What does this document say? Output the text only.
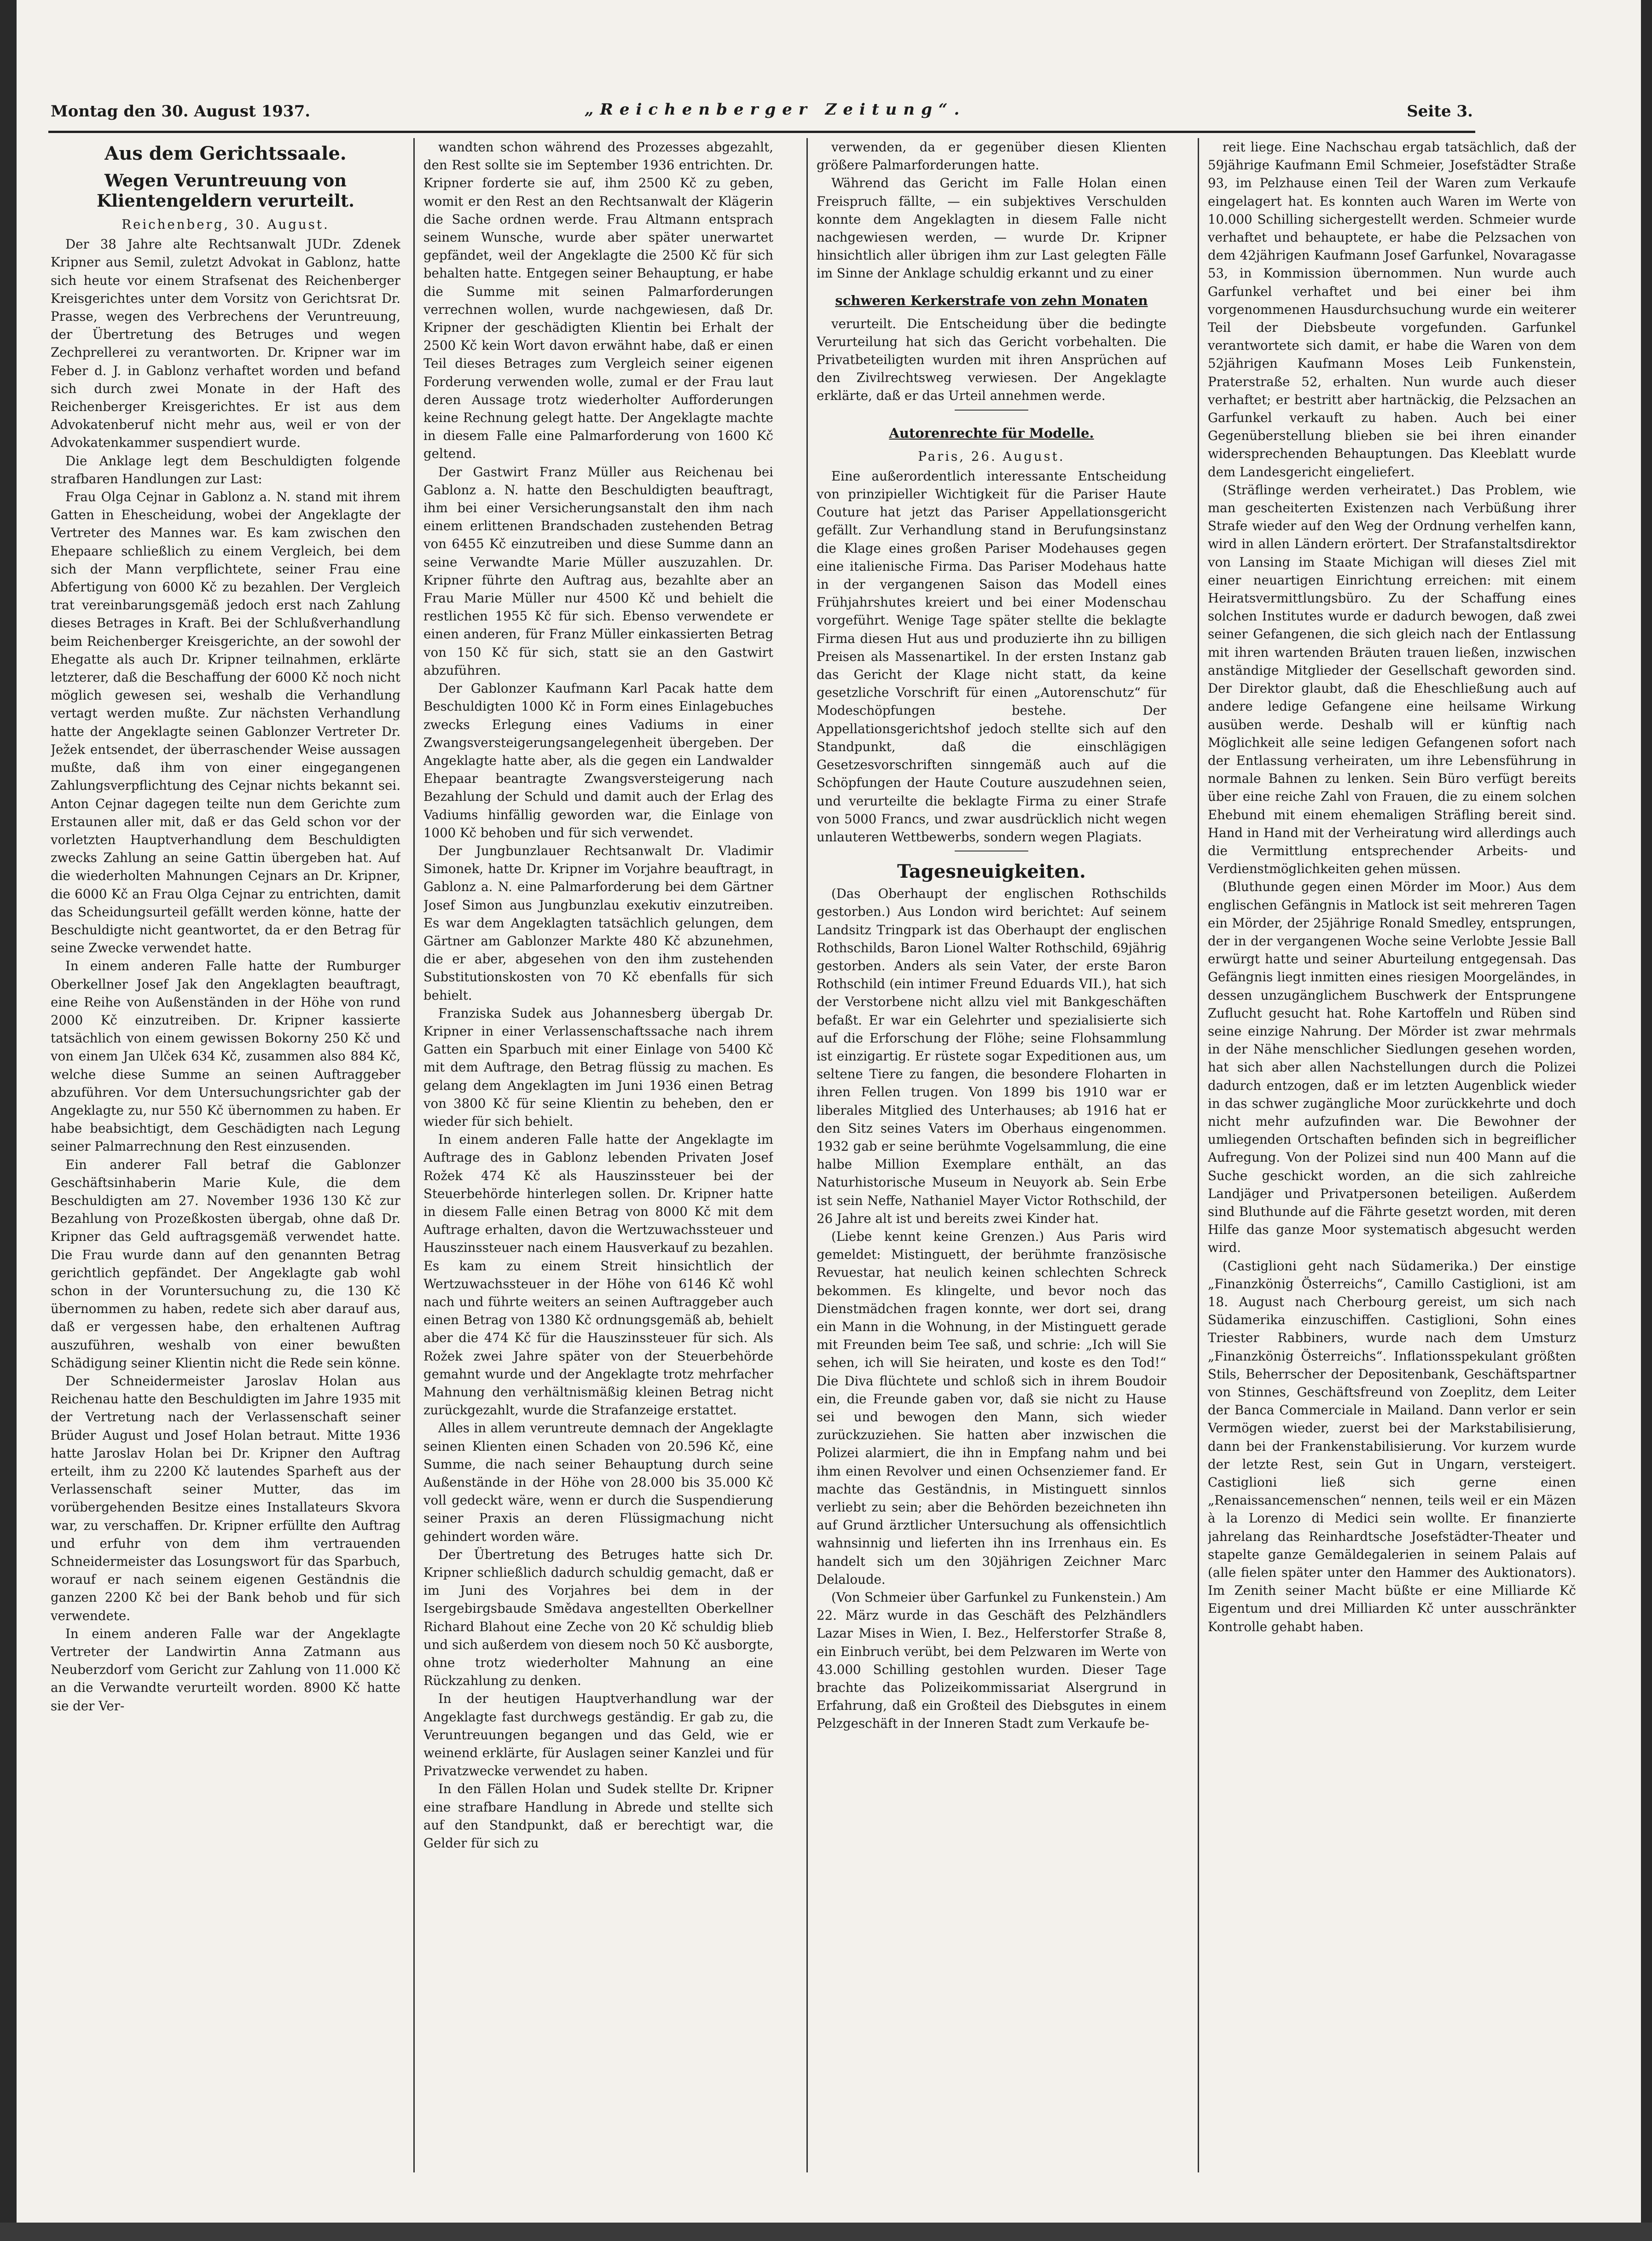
Montag den 30. August 1937.	„Reichenberger Zeitung“.	Seite 3.
Aus dem Gerichtssaale.
Wegen Veruntreuung von Klientengeldern verurteilt.
Reichenberg, 30. August.

Der 38 Jahre alte Rechtsanwalt JUDr. Zdenek Kripner aus Semil, zuletzt Advokat in Gablonz, hatte sich heute vor einem Strafsenat des Reichenberger Kreisgerichtes unter dem Vorsitz von Gerichtsrat Dr. Prasse, wegen des Verbrechens der Veruntreuung, der Übertretung des Betruges und wegen Zechprellerei zu verantworten. Dr. Kripner war im Feber d. J. in Gablonz verhaftet worden und befand sich durch zwei Monate in der Haft des Reichenberger Kreisgerichtes. Er ist aus dem Advokatenberuf nicht mehr aus, weil er von der Advokatenkammer suspendiert wurde.

Die Anklage legt dem Beschuldigten folgende strafbaren Handlungen zur Last:

Frau Olga Cejnar in Gablonz a. N. stand mit ihrem Gatten in Ehescheidung, wobei der Angeklagte der Vertreter des Mannes war. Es kam zwischen den Ehepaare schließlich zu einem Vergleich, bei dem sich der Mann verpflichtete, seiner Frau eine Abfertigung von 6000 Kč zu bezahlen. Der Vergleich trat vereinbarungsgemäß jedoch erst nach Zahlung dieses Betrages in Kraft. Bei der Schlußverhandlung beim Reichenberger Kreisgerichte, an der sowohl der Ehegatte als auch Dr. Kripner teilnahmen, erklärte letzterer, daß die Beschaffung der 6000 Kč noch nicht möglich gewesen sei, weshalb die Verhandlung vertagt werden mußte. Zur nächsten Verhandlung hatte der Angeklagte seinen Gablonzer Vertreter Dr. Ježek entsendet, der überraschender Weise aussagen mußte, daß ihm von einer eingegangenen Zahlungsverpflichtung des Cejnar nichts bekannt sei. Anton Cejnar dagegen teilte nun dem Gerichte zum Erstaunen aller mit, daß er das Geld schon vor der vorletzten Hauptverhandlung dem Beschuldigten zwecks Zahlung an seine Gattin übergeben hat. Auf die wiederholten Mahnungen Cejnars an Dr. Kripner, die 6000 Kč an Frau Olga Cejnar zu entrichten, damit das Scheidungsurteil gefällt werden könne, hatte der Beschuldigte nicht geantwortet, da er den Betrag für seine Zwecke verwendet hatte.

In einem anderen Falle hatte der Rumburger Oberkellner Josef Jak den Angeklagten beauftragt, eine Reihe von Außenständen in der Höhe von rund 2000 Kč einzutreiben. Dr. Kripner kassierte tatsächlich von einem gewissen Bokorny 250 Kč und von einem Jan Ulček 634 Kč, zusammen also 884 Kč, welche diese Summe an seinen Auftraggeber abzuführen. Vor dem Untersuchungsrichter gab der Angeklagte zu, nur 550 Kč übernommen zu haben. Er habe beabsichtigt, dem Geschädigten nach Legung seiner Palmarrechnung den Rest einzusenden.

Ein anderer Fall betraf die Gablonzer Geschäftsinhaberin Marie Kule, die dem Beschuldigten am 27. November 1936 130 Kč zur Bezahlung von Prozeßkosten übergab, ohne daß Dr. Kripner das Geld auftragsgemäß verwendet hatte. Die Frau wurde dann auf den genannten Betrag gerichtlich gepfändet. Der Angeklagte gab wohl schon in der Voruntersuchung zu, die 130 Kč übernommen zu haben, redete sich aber darauf aus, daß er vergessen habe, den erhaltenen Auftrag auszuführen, weshalb von einer bewußten Schädigung seiner Klientin nicht die Rede sein könne.

Der Schneidermeister Jaroslav Holan aus Reichenau hatte den Beschuldigten im Jahre 1935 mit der Vertretung nach der Verlassenschaft seiner Brüder August und Josef Holan betraut. Mitte 1936 hatte Jaroslav Holan bei Dr. Kripner den Auftrag erteilt, ihm zu 2200 Kč lautendes Sparheft aus der Verlassenschaft seiner Mutter, das im vorübergehenden Besitze eines Installateurs Skvora war, zu verschaffen. Dr. Kripner erfüllte den Auftrag und erfuhr von dem ihm vertrauenden Schneidermeister das Losungswort für das Sparbuch, worauf er nach seinem eigenen Geständnis die ganzen 2200 Kč bei der Bank behob und für sich verwendete.

In einem anderen Falle war der Angeklagte Vertreter der Landwirtin Anna Zatmann aus Neuberzdorf vom Gericht zur Zahlung von 11.000 Kč an die Verwandte verurteilt worden. 8900 Kč hatte sie der Ver-

wandten schon während des Prozesses abgezahlt, den Rest sollte sie im September 1936 entrichten. Dr. Kripner forderte sie auf, ihm 2500 Kč zu geben, womit er den Rest an den Rechtsanwalt der Klägerin die Sache ordnen werde. Frau Altmann entsprach seinem Wunsche, wurde aber später unerwartet gepfändet, weil der Angeklagte die 2500 Kč für sich behalten hatte. Entgegen seiner Behauptung, er habe die Summe mit seinen Palmarforderungen verrechnen wollen, wurde nachgewiesen, daß Dr. Kripner der geschädigten Klientin bei Erhalt der 2500 Kč kein Wort davon erwähnt habe, daß er einen Teil dieses Betrages zum Vergleich seiner eigenen Forderung verwenden wolle, zumal er der Frau laut deren Aussage trotz wiederholter Aufforderungen keine Rechnung gelegt hatte. Der Angeklagte machte in diesem Falle eine Palmarforderung von 1600 Kč geltend.

Der Gastwirt Franz Müller aus Reichenau bei Gablonz a. N. hatte den Beschuldigten beauftragt, ihm bei einer Versicherungsanstalt den ihm nach einem erlittenen Brandschaden zustehenden Betrag von 6455 Kč einzutreiben und diese Summe dann an seine Verwandte Marie Müller auszuzahlen. Dr. Kripner führte den Auftrag aus, bezahlte aber an Frau Marie Müller nur 4500 Kč und behielt die restlichen 1955 Kč für sich. Ebenso verwendete er einen anderen, für Franz Müller einkassierten Betrag von 150 Kč für sich, statt sie an den Gastwirt abzuführen.

Der Gablonzer Kaufmann Karl Pacak hatte dem Beschuldigten 1000 Kč in Form eines Einlagebuches zwecks Erlegung eines Vadiums in einer Zwangsversteigerungsangelegenheit übergeben. Der Angeklagte hatte aber, als die gegen ein Landwalder Ehepaar beantragte Zwangsversteigerung nach Bezahlung der Schuld und damit auch der Erlag des Vadiums hinfällig geworden war, die Einlage von 1000 Kč behoben und für sich verwendet.

Der Jungbunzlauer Rechtsanwalt Dr. Vladimir Simonek, hatte Dr. Kripner im Vorjahre beauftragt, in Gablonz a. N. eine Palmarforderung bei dem Gärtner Josef Simon aus Jungbunzlau exekutiv einzutreiben. Es war dem Angeklagten tatsächlich gelungen, dem Gärtner am Gablonzer Markte 480 Kč abzunehmen, die er aber, abgesehen von den ihm zustehenden Substitutionskosten von 70 Kč ebenfalls für sich behielt.

Franziska Sudek aus Johannesberg übergab Dr. Kripner in einer Verlassenschaftssache nach ihrem Gatten ein Sparbuch mit einer Einlage von 5400 Kč mit dem Auftrage, den Betrag flüssig zu machen. Es gelang dem Angeklagten im Juni 1936 einen Betrag von 3800 Kč für seine Klientin zu beheben, den er wieder für sich behielt.

In einem anderen Falle hatte der Angeklagte im Auftrage des in Gablonz lebenden Privaten Josef Rožek 474 Kč als Hauszinssteuer bei der Steuerbehörde hinterlegen sollen. Dr. Kripner hatte in diesem Falle einen Betrag von 8000 Kč mit dem Auftrage erhalten, davon die Wertzuwachssteuer und Hauszinssteuer nach einem Hausverkauf zu bezahlen. Es kam zu einem Streit hinsichtlich der Wertzuwachssteuer in der Höhe von 6146 Kč wohl nach und führte weiters an seinen Auftraggeber auch einen Betrag von 1380 Kč ordnungsgemäß ab, behielt aber die 474 Kč für die Hauszinssteuer für sich. Als Rožek zwei Jahre später von der Steuerbehörde gemahnt wurde und der Angeklagte trotz mehrfacher Mahnung den verhältnismäßig kleinen Betrag nicht zurückgezahlt, wurde die Strafanzeige erstattet.

Alles in allem veruntreute demnach der Angeklagte seinen Klienten einen Schaden von 20.596 Kč, eine Summe, die nach seiner Behauptung durch seine Außenstände in der Höhe von 28.000 bis 35.000 Kč voll gedeckt wäre, wenn er durch die Suspendierung seiner Praxis an deren Flüssigmachung nicht gehindert worden wäre.

Der Übertretung des Betruges hatte sich Dr. Kripner schließlich dadurch schuldig gemacht, daß er im Juni des Vorjahres bei dem in der Isergebirgsbaude Smědava angestellten Oberkellner Richard Blahout eine Zeche von 20 Kč schuldig blieb und sich außerdem von diesem noch 50 Kč ausborgte, ohne trotz wiederholter Mahnung an eine Rückzahlung zu denken.

In der heutigen Hauptverhandlung war der Angeklagte fast durchwegs geständig. Er gab zu, die Veruntreuungen begangen und das Geld, wie er weinend erklärte, für Auslagen seiner Kanzlei und für Privatzwecke verwendet zu haben.

In den Fällen Holan und Sudek stellte Dr. Kripner eine strafbare Handlung in Abrede und stellte sich auf den Standpunkt, daß er berechtigt war, die Gelder für sich zu

verwenden, da er gegenüber diesen Klienten größere Palmarforderungen hatte.

Während das Gericht im Falle Holan einen Freispruch fällte, — ein subjektives Verschulden konnte dem Angeklagten in diesem Falle nicht nachgewiesen werden, — wurde Dr. Kripner hinsichtlich aller übrigen ihm zur Last gelegten Fälle im Sinne der Anklage schuldig erkannt und zu einer

schweren Kerkerstrafe von zehn Monaten

verurteilt. Die Entscheidung über die bedingte Verurteilung hat sich das Gericht vorbehalten. Die Privatbeteiligten wurden mit ihren Ansprüchen auf den Zivilrechtsweg verwiesen. Der Angeklagte erklärte, daß er das Urteil annehmen werde.

Autorenrechte für Modelle.
Paris, 26. August.

Eine außerordentlich interessante Entscheidung von prinzipieller Wichtigkeit für die Pariser Haute Couture hat jetzt das Pariser Appellationsgericht gefällt. Zur Verhandlung stand in Berufungsinstanz die Klage eines großen Pariser Modehauses gegen eine italienische Firma. Das Pariser Modehaus hatte in der vergangenen Saison das Modell eines Frühjahrshutes kreiert und bei einer Modenschau vorgeführt. Wenige Tage später stellte die beklagte Firma diesen Hut aus und produzierte ihn zu billigen Preisen als Massenartikel. In der ersten Instanz gab das Gericht der Klage nicht statt, da keine gesetzliche Vorschrift für einen „Autorenschutz“ für Modeschöpfungen bestehe. Der Appellationsgerichtshof jedoch stellte sich auf den Standpunkt, daß die einschlägigen Gesetzesvorschriften sinngemäß auch auf die Schöpfungen der Haute Couture auszudehnen seien, und verurteilte die beklagte Firma zu einer Strafe von 5000 Francs, und zwar ausdrücklich nicht wegen unlauteren Wettbewerbs, sondern wegen Plagiats.

Tagesneuigkeiten.

(Das Oberhaupt der englischen Rothschilds gestorben.) Aus London wird berichtet: Auf seinem Landsitz Tringpark ist das Oberhaupt der englischen Rothschilds, Baron Lionel Walter Rothschild, 69jährig gestorben. Anders als sein Vater, der erste Baron Rothschild (ein intimer Freund Eduards VII.), hat sich der Verstorbene nicht allzu viel mit Bankgeschäften befaßt. Er war ein Gelehrter und spezialisierte sich auf die Erforschung der Flöhe; seine Flohsammlung ist einzigartig. Er rüstete sogar Expeditionen aus, um seltene Tiere zu fangen, die besondere Floharten in ihren Fellen trugen. Von 1899 bis 1910 war er liberales Mitglied des Unterhauses; ab 1916 hat er den Sitz seines Vaters im Oberhaus eingenommen. 1932 gab er seine berühmte Vogelsammlung, die eine halbe Million Exemplare enthält, an das Naturhistorische Museum in Neuyork ab. Sein Erbe ist sein Neffe, Nathaniel Mayer Victor Rothschild, der 26 Jahre alt ist und bereits zwei Kinder hat.

(Liebe kennt keine Grenzen.) Aus Paris wird gemeldet: Mistinguett, der berühmte französische Revuestar, hat neulich keinen schlechten Schreck bekommen. Es klingelte, und bevor noch das Dienstmädchen fragen konnte, wer dort sei, drang ein Mann in die Wohnung, in der Mistinguett gerade mit Freunden beim Tee saß, und schrie: „Ich will Sie sehen, ich will Sie heiraten, und koste es den Tod!“ Die Diva flüchtete und schloß sich in ihrem Boudoir ein, die Freunde gaben vor, daß sie nicht zu Hause sei und bewogen den Mann, sich wieder zurückzuziehen. Sie hatten aber inzwischen die Polizei alarmiert, die ihn in Empfang nahm und bei ihm einen Revolver und einen Ochsenziemer fand. Er machte das Geständnis, in Mistinguett sinnlos verliebt zu sein; aber die Behörden bezeichneten ihn auf Grund ärztlicher Untersuchung als offensichtlich wahnsinnig und lieferten ihn ins Irrenhaus ein. Es handelt sich um den 30jährigen Zeichner Marc Delaloude.

(Von Schmeier über Garfunkel zu Funkenstein.) Am 22. März wurde in das Geschäft des Pelzhändlers Lazar Mises in Wien, I. Bez., Helferstorfer Straße 8, ein Einbruch verübt, bei dem Pelzwaren im Werte von 43.000 Schilling gestohlen wurden. Dieser Tage brachte das Polizeikommissariat Alsergrund in Erfahrung, daß ein Großteil des Diebsgutes in einem Pelzgeschäft in der Inneren Stadt zum Verkaufe be-

reit liege. Eine Nachschau ergab tatsächlich, daß der 59jährige Kaufmann Emil Schmeier, Josefstädter Straße 93, im Pelzhause einen Teil der Waren zum Verkaufe eingelagert hat. Es konnten auch Waren im Werte von 10.000 Schilling sichergestellt werden. Schmeier wurde verhaftet und behauptete, er habe die Pelzsachen von dem 42jährigen Kaufmann Josef Garfunkel, Novaragasse 53, in Kommission übernommen. Nun wurde auch Garfunkel verhaftet und bei einer bei ihm vorgenommenen Hausdurchsuchung wurde ein weiterer Teil der Diebsbeute vorgefunden. Garfunkel verantwortete sich damit, er habe die Waren von dem 52jährigen Kaufmann Moses Leib Funkenstein, Praterstraße 52, erhalten. Nun wurde auch dieser verhaftet; er bestritt aber hartnäckig, die Pelzsachen an Garfunkel verkauft zu haben. Auch bei einer Gegenüberstellung blieben sie bei ihren einander widersprechenden Behauptungen. Das Kleeblatt wurde dem Landesgericht eingeliefert.

(Sträflinge werden verheiratet.) Das Problem, wie man gescheiterten Existenzen nach Verbüßung ihrer Strafe wieder auf den Weg der Ordnung verhelfen kann, wird in allen Ländern erörtert. Der Strafanstaltsdirektor von Lansing im Staate Michigan will dieses Ziel mit einer neuartigen Einrichtung erreichen: mit einem Heiratsvermittlungsbüro. Zu der Schaffung eines solchen Institutes wurde er dadurch bewogen, daß zwei seiner Gefangenen, die sich gleich nach der Entlassung mit ihren wartenden Bräuten trauen ließen, inzwischen anständige Mitglieder der Gesellschaft geworden sind. Der Direktor glaubt, daß die Eheschließung auch auf andere ledige Gefangene eine heilsame Wirkung ausüben werde. Deshalb will er künftig nach Möglichkeit alle seine ledigen Gefangenen sofort nach der Entlassung verheiraten, um ihre Lebensführung in normale Bahnen zu lenken. Sein Büro verfügt bereits über eine reiche Zahl von Frauen, die zu einem solchen Ehebund mit einem ehemaligen Sträfling bereit sind. Hand in Hand mit der Verheiratung wird allerdings auch die Vermittlung entsprechender Arbeits- und Verdienstmöglichkeiten gehen müssen.

(Bluthunde gegen einen Mörder im Moor.) Aus dem englischen Gefängnis in Matlock ist seit mehreren Tagen ein Mörder, der 25jährige Ronald Smedley, entsprungen, der in der vergangenen Woche seine Verlobte Jessie Ball erwürgt hatte und seiner Aburteilung entgegensah. Das Gefängnis liegt inmitten eines riesigen Moorgeländes, in dessen unzugänglichem Buschwerk der Entsprungene Zuflucht gesucht hat. Rohe Kartoffeln und Rüben sind seine einzige Nahrung. Der Mörder ist zwar mehrmals in der Nähe menschlicher Siedlungen gesehen worden, hat sich aber allen Nachstellungen durch die Polizei dadurch entzogen, daß er im letzten Augenblick wieder in das schwer zugängliche Moor zurückkehrte und doch nicht mehr aufzufinden war. Die Bewohner der umliegenden Ortschaften befinden sich in begreiflicher Aufregung. Von der Polizei sind nun 400 Mann auf die Suche geschickt worden, an die sich zahlreiche Landjäger und Privatpersonen beteiligen. Außerdem sind Bluthunde auf die Fährte gesetzt worden, mit deren Hilfe das ganze Moor systematisch abgesucht werden wird.

(Castiglioni geht nach Südamerika.) Der einstige „Finanzkönig Österreichs“, Camillo Castiglioni, ist am 18. August nach Cherbourg gereist, um sich nach Südamerika einzuschiffen. Castiglioni, Sohn eines Triester Rabbiners, wurde nach dem Umsturz „Finanzkönig Österreichs“. Inflationsspekulant größten Stils, Beherrscher der Depositenbank, Geschäftspartner von Stinnes, Geschäftsfreund von Zoeplitz, dem Leiter der Banca Commerciale in Mailand. Dann verlor er sein Vermögen wieder, zuerst bei der Markstabilisierung, dann bei der Frankenstabilisierung. Vor kurzem wurde der letzte Rest, sein Gut in Ungarn, versteigert. Castiglioni ließ sich gerne einen „Renaissancemenschen“ nennen, teils weil er ein Mäzen à la Lorenzo di Medici sein wollte. Er finanzierte jahrelang das Reinhardtsche Josefstädter-Theater und stapelte ganze Gemäldegalerien in seinem Palais auf (alle fielen später unter den Hammer des Auktionators). Im Zenith seiner Macht büßte er eine Milliarde Kč Eigentum und drei Milliarden Kč unter ausschränkter Kontrolle gehabt haben.
